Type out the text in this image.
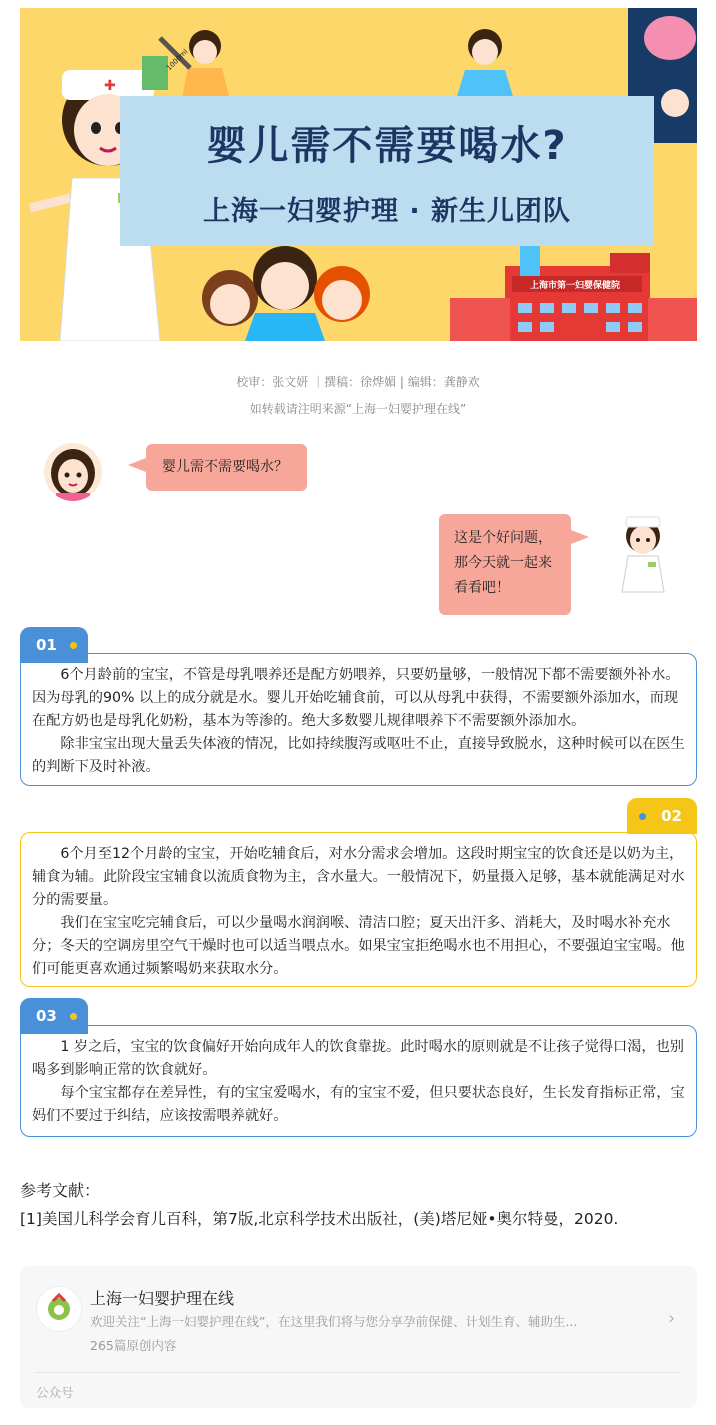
✚
婴儿需不需要喝水?
上海一妇婴护理 · 新生儿团队
上海市第一妇婴保健院
1000ml
校审：张文妍 ｜撰稿：徐烨媚 | 编辑：龚静欢
如转载请注明来源“上海一妇婴护理在线”
婴儿需不需要喝水？
这是个好问题，
那今天就一起来
看看吧！
01

6个月龄前的宝宝，不管是母乳喂养还是配方奶喂养，只要奶量够，一般情况下都不需要额外补水。因为母乳的90% 以上的成分就是水。婴儿开始吃辅食前，可以从母乳中获得，不需要额外添加水，而现在配方奶也是母乳化奶粉，基本为等渗的。绝大多数婴儿规律喂养下不需要额外添加水。

除非宝宝出现大量丢失体液的情况，比如持续腹泻或呕吐不止，直接导致脱水，这种时候可以在医生的判断下及时补液。

02

6个月至12个月龄的宝宝，开始吃辅食后，对水分需求会增加。这段时期宝宝的饮食还是以奶为主，辅食为辅。此阶段宝宝辅食以流质食物为主，含水量大。一般情况下，奶量摄入足够，基本就能满足对水分的需要量。

我们在宝宝吃完辅食后，可以少量喝水润润喉、清洁口腔；夏天出汗多、消耗大，及时喝水补充水分；冬天的空调房里空气干燥时也可以适当喂点水。如果宝宝拒绝喝水也不用担心，不要强迫宝宝喝。他们可能更喜欢通过频繁喝奶来获取水分。

03

1 岁之后，宝宝的饮食偏好开始向成年人的饮食靠拢。此时喝水的原则就是不让孩子觉得口渴，也别喝多到影响正常的饮食就好。

每个宝宝都存在差异性，有的宝宝爱喝水，有的宝宝不爱，但只要状态良好，生长发育指标正常，宝妈们不要过于纠结，应该按需喂养就好。

参考文献：
[1]美国儿科学会育儿百科，第7版,北京科学技术出版社，(美)塔尼娅•奥尔特曼，2020.
上海一妇婴护理在线
欢迎关注“上海一妇婴护理在线”，在这里我们将与您分享孕前保健、计划生育、辅助生...
265篇原创内容
›
公众号
